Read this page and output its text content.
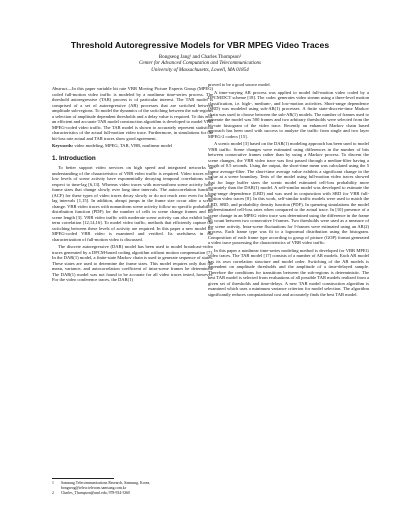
Threshold Autoregressive Models for VBR MPEG Video Traces
Bongseog Jang¹ and Charles Thompson²
Center for Advanced Computation and Telecommunications
University of Massachusetts, Lowell, MA 01854

Abstract—In this paper variable bit rate VBR Moving Picture Experts Group (MPEG) coded full-motion video traffic is modeled by a nonlinear time-series process. The threshold autoregressive (TAR) process is of particular interest. The TAR model is comprised of a set of autoregressive (AR) processes that are switched between amplitude sub-regions. To model the dynamics of the switching between the sub-regions a selection of amplitude dependent thresholds and a delay value is required. To this end, an efficient and accurate TAR model construction algorithm is developed to model VBR MPEG-coded video traffic. The TAR model is shown to accurately represent statistical characteristics of the actual full-motion video trace. Furthermore, in simulations for the bit-loss rate actual and TAR traces show good agreement.

Keywords: video modeling, MPEG, TAR, VBR, nonlinear model

1. Introduction

To better support video services on high speed and integrated networks an understanding of the characteristics of VBR video traffic is required. Video traces with low levels of scene activity have exponentially decaying temporal correlations with respect to time-lag [6,13]. Whereas video traces with non-uniform scene activity have frame sizes that change slowly over long time intervals. The autocorrelation function (ACF) for these types of video traces decay slowly or do not reach zero even for long lag intervals [1,15]. In addition, abrupt jumps in the frame size occur after a scene change. VBR video traces with nonuniform scene activity follow no specific probability distribution function (PDF) for the number of cells in scene change frames and for scene length [3]. VBR video traffic with moderate scene activity can also exhibit long-term correlation [12,14,16]. To model video traffic, methods that efficiently capture the switching between these levels of activity are required. In this paper a new model for MPEG-coded VBR video is examined and verified. Its usefulness in the characterization of full-motion video is discussed.

The discrete autoregressive (DAR) model has been used to model broadcast-video traces generated by a DPCM-based coding algorithm without motion compensation [7]. In the DAR(1) model, a finite-state Markov chain is used to generate sequence of states. These states are used to determine the frame sizes. This model requires only that the mean, variance, and autocorrelation coefficient of intra-scene frames be determined. The DAR(1) model was not found to be accurate for all video traces tested, however. For the video conference traces, the DAR(1)

proved to be a good source model.

A time-varying AR process was applied to model full-motion video coded by a DPCM/DCT scheme [18]. The codec generates video stream using a three-level motion classification, i.e. high-, medium-, and low-motion activities. Short-range dependence (SRD) was modeled using sub-AR(1) processes. A finite state-discrete-time Markov chain was used to choose between the sub-AR(1) models. The number of frames used to generate the model was 500 frames and two arbitrary thresholds were selected from the bit-rate histogram of the video trace. Recently an enhanced Markov chain based approach has been used with success to analyze the traffic from single and two layer MPEG-2 codecs [15].

A scenic model [3] based on the DAR(1) modeling approach has been used to model VBR traffic. Scene changes were estimated using differences in the number of bits between consecutive frames rather than by using a Markov process. To discern the scene changes, the VBR video trace was first passed through a median-filter having a length of 0.5 seconds. Using the output, the short-time mean was calculated using the 5 frame average-filter. The short-time average value exhibits a significant change in the value at a scene boundary. Tests of the model using full-motion video traces showed that for large buffer sizes the scenic model estimated cell-loss probability more accurately than the DAR(1) model. A self-similar model was developed to estimate the long-range dependence (LRD) and was used in conjunction with SRD for VBR full-motion video traces [8]. In this work, self-similar traffic models were used to match the LRD, SRD, and probability density function (PDF). In queueing simulations the model underestimated cell-loss rates when compared to the actual trace. In [10] presence of a scene change in an MPEG video trace was determined using the difference in the frame bit count between two consecutive I-frames. Two thresholds were used as a measure of the scene activity. Intra-scene fluctuations for I-frames were estimated using an AR(2) process. Each frame type was fit to a lognormal distribution using the histogram. Composition of each frame type according to group of picture (GOP) format generated a video trace possessing the characteristics of VBR video traffic.

In this paper a nonlinear time-series modeling method is developed for VBR MPEG video traces. The TAR model [17] consists of a number of AR models. Each AR model has its own correlation structure and model order. Switching of the AR models is dependent on amplitude thresholds and the amplitude of a time-delayed sample. Therefore the conditions for transitions between the sub-regions is deterministic. The best TAR model is selected from evaluations of all possible TAR models realized from a given set of thresholds and time-delays. A new TAR model construction algorithm is examined which uses a minimum variance criterion for model selection. The algorithm significantly reduces computational cost and accurately finds the best TAR model.

1	Samsung Telecommunications Research, Samsung, Korea, bongseog@telsvr.telecom.samsung.com.kr
2	Charles_Thompson@uml.edu; 978-934-3360
